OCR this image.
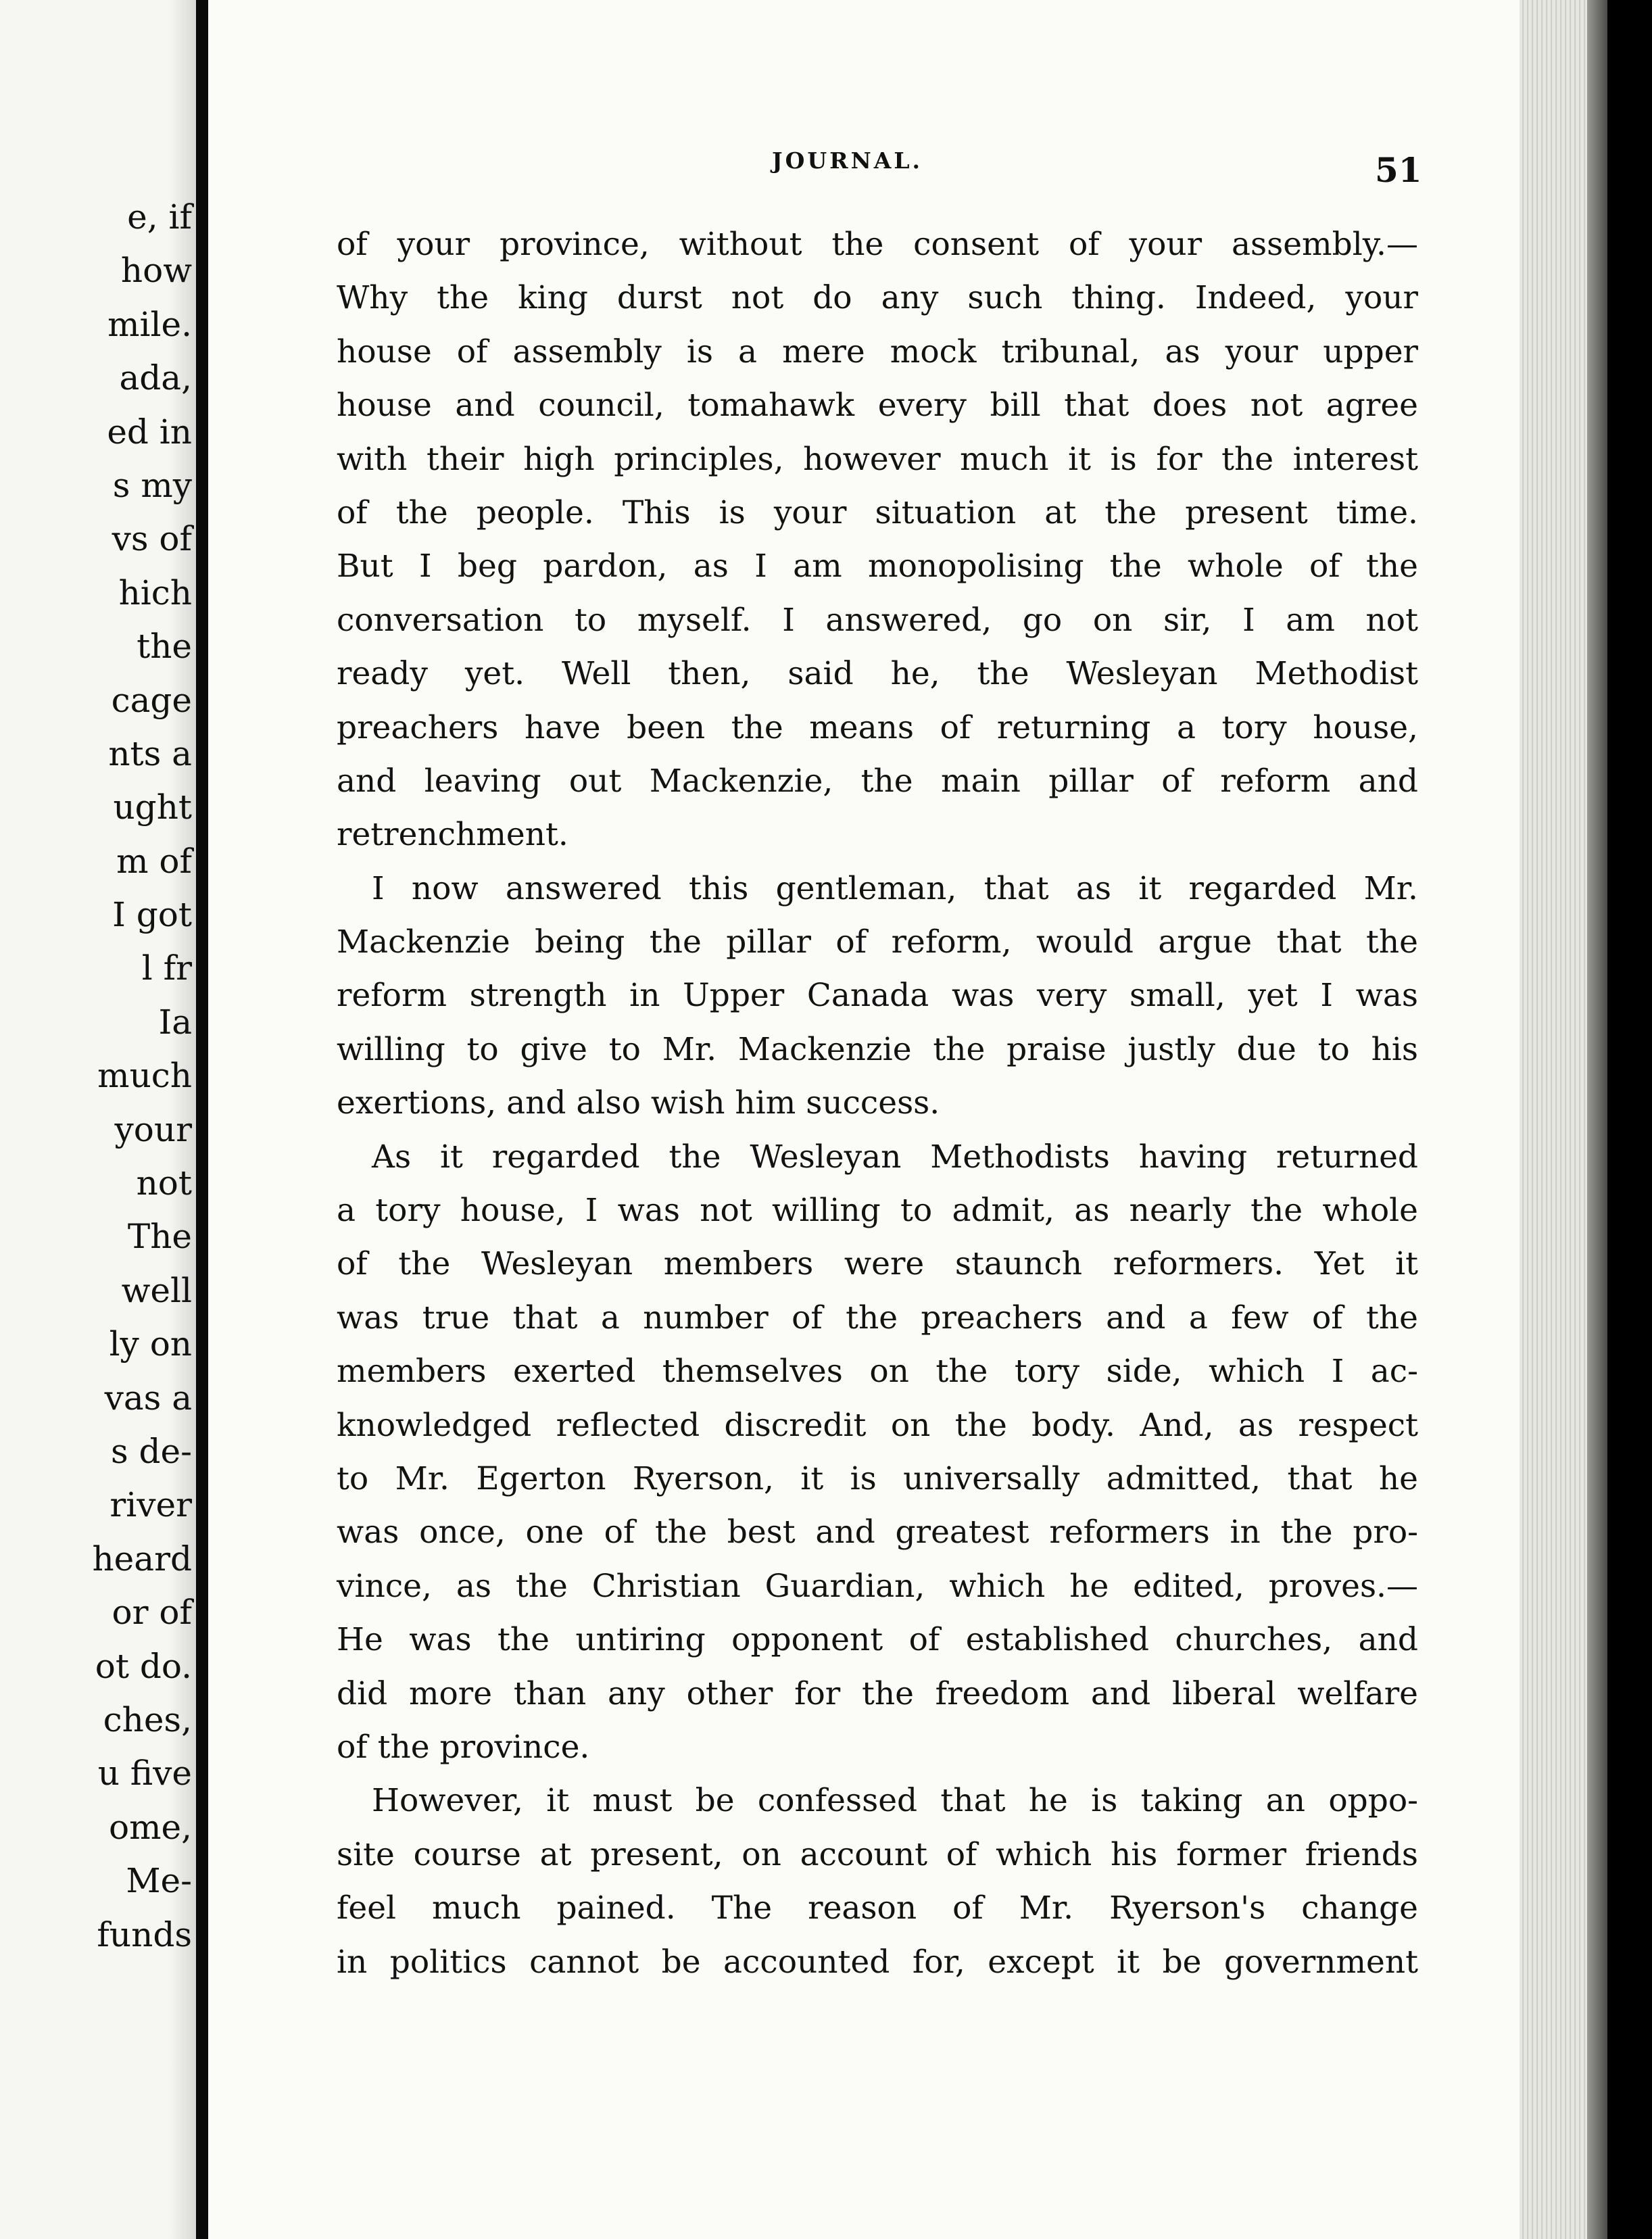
e, if
how
mile.
ada,
ed in
s my
vs of
hich
the
cage
nts a
ught
m of
I got
l fr
Ia
much
your
not
The
well
ly on
vas a
s de-
river
heard
or of
ot do.
ches,
u five
ome,
Me-
funds
JOURNAL.	51
of your province, without the consent of your assembly.—
Why the king durst not do any such thing. Indeed, your
house of assembly is a mere mock tribunal, as your upper
house and council, tomahawk every bill that does not agree
with their high principles, however much it is for the interest
of the people. This is your situation at the present time.
But I beg pardon, as I am monopolising the whole of the
conversation to myself. I answered, go on sir, I am not
ready yet. Well then, said he, the Wesleyan Methodist
preachers have been the means of returning a tory house,
and leaving out Mackenzie, the main pillar of reform and
retrenchment.
I now answered this gentleman, that as it regarded Mr.
Mackenzie being the pillar of reform, would argue that the
reform strength in Upper Canada was very small, yet I was
willing to give to Mr. Mackenzie the praise justly due to his
exertions, and also wish him success.
As it regarded the Wesleyan Methodists having returned
a tory house, I was not willing to admit, as nearly the whole
of the Wesleyan members were staunch reformers. Yet it
was true that a number of the preachers and a few of the
members exerted themselves on the tory side, which I ac-
knowledged reflected discredit on the body. And, as respect
to Mr. Egerton Ryerson, it is universally admitted, that he
was once, one of the best and greatest reformers in the pro-
vince, as the Christian Guardian, which he edited, proves.—
He was the untiring opponent of established churches, and
did more than any other for the freedom and liberal welfare
of the province.
However, it must be confessed that he is taking an oppo-
site course at present, on account of which his former friends
feel much pained. The reason of Mr. Ryerson's change
in politics cannot be accounted for, except it be government
